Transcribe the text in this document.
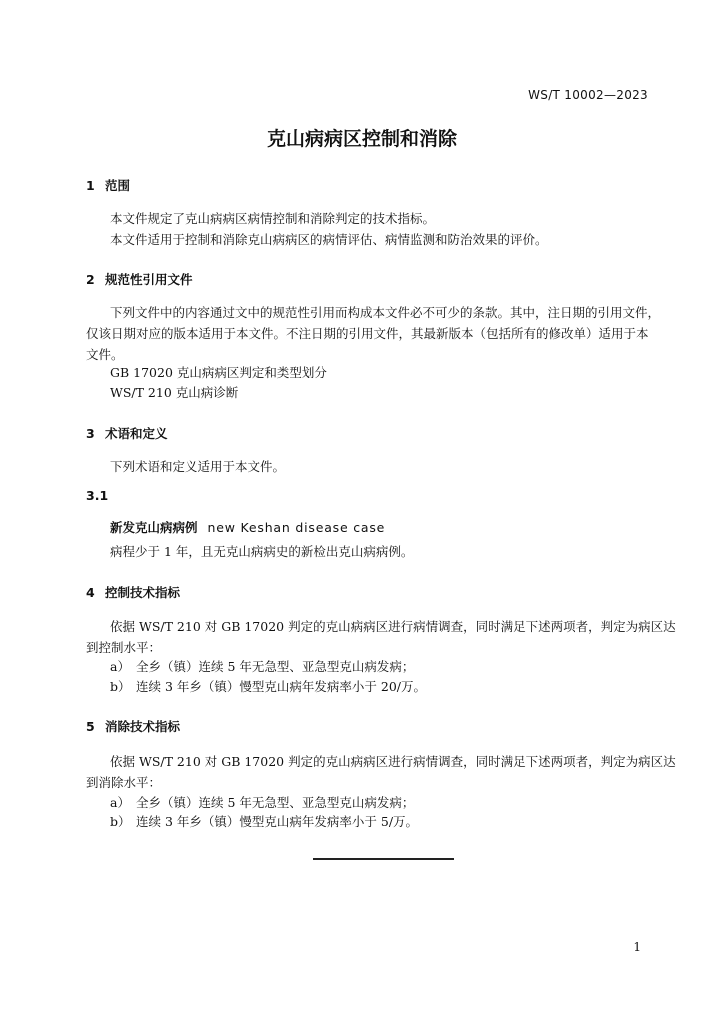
WS/T 10002—2023
克山病病区控制和消除
1 范围
本文件规定了克山病病区病情控制和消除判定的技术指标。
本文件适用于控制和消除克山病病区的病情评估、病情监测和防治效果的评价。
2 规范性引用文件
下列文件中的内容通过文中的规范性引用而构成本文件必不可少的条款。其中，注日期的引用文件，
仅该日期对应的版本适用于本文件。不注日期的引用文件，其最新版本（包括所有的修改单）适用于本
文件。
GB 17020 克山病病区判定和类型划分
WS/T 210 克山病诊断
3 术语和定义
下列术语和定义适用于本文件。
3.1
新发克山病病例 new Keshan disease case
病程少于 1 年，且无克山病病史的新检出克山病病例。
4 控制技术指标
依据 WS/T 210 对 GB 17020 判定的克山病病区进行病情调查，同时满足下述两项者，判定为病区达
到控制水平：
a） 全乡（镇）连续 5 年无急型、亚急型克山病发病；
b） 连续 3 年乡（镇）慢型克山病年发病率小于 20/万。
5 消除技术指标
依据 WS/T 210 对 GB 17020 判定的克山病病区进行病情调查，同时满足下述两项者，判定为病区达
到消除水平：
a） 全乡（镇）连续 5 年无急型、亚急型克山病发病；
b） 连续 3 年乡（镇）慢型克山病年发病率小于 5/万。
1
